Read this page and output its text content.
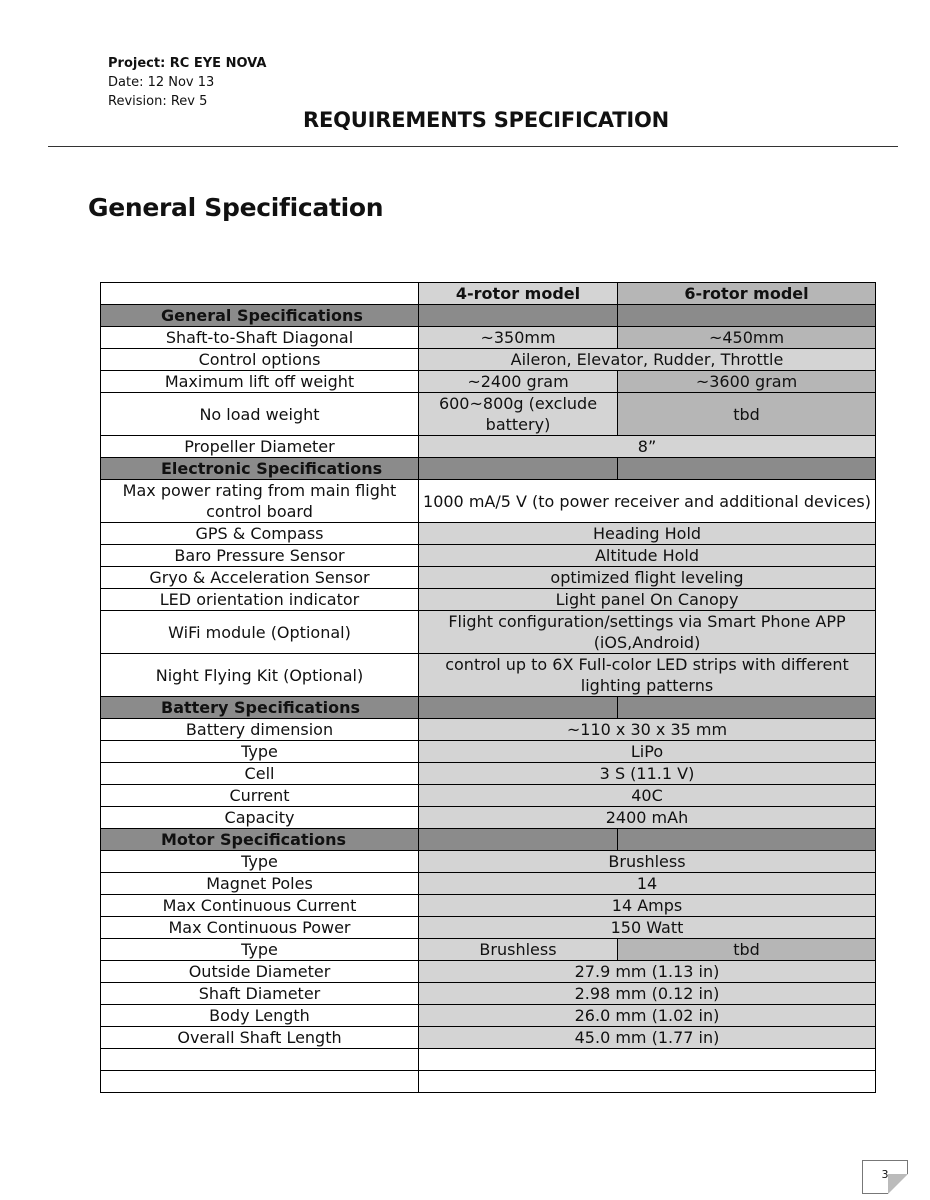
Project: RC EYE NOVA
Date: 12 Nov 13
Revision: Rev 5
REQUIREMENTS SPECIFICATION
General Specification
	4-rotor model	6-rotor model
General Specifications		
Shaft-to-Shaft Diagonal	~350mm	~450mm
Control options	Aileron, Elevator, Rudder, Throttle	
Maximum lift off weight	~2400 gram	~3600 gram
No load weight	600~800g (exclude battery)	tbd
Propeller Diameter	8”	
Electronic Specifications		
Max power rating from main flight control board	1000 mA/5 V (to power receiver and additional devices)	
GPS & Compass	Heading Hold	
Baro Pressure Sensor	Altitude Hold	
Gryo & Acceleration Sensor	optimized flight leveling	
LED orientation indicator	Light panel On Canopy	
WiFi module (Optional)	Flight configuration/settings via Smart Phone APP (iOS,Android)	
Night Flying Kit (Optional)	control up to 6X Full-color LED strips with different lighting patterns	
Battery Specifications		
Battery dimension	~110 x 30 x 35 mm	
Type	LiPo	
Cell	3 S (11.1 V)	
Current	40C	
Capacity	2400 mAh	
Motor Specifications		
Type	Brushless	
Magnet Poles	14	
Max Continuous Current	14 Amps	
Max Continuous Power	150 Watt	
Type	Brushless	tbd
Outside Diameter	27.9 mm (1.13 in)	
Shaft Diameter	2.98 mm (0.12 in)	
Body Length	26.0 mm (1.02 in)	
Overall Shaft Length	45.0 mm (1.77 in)	

3
